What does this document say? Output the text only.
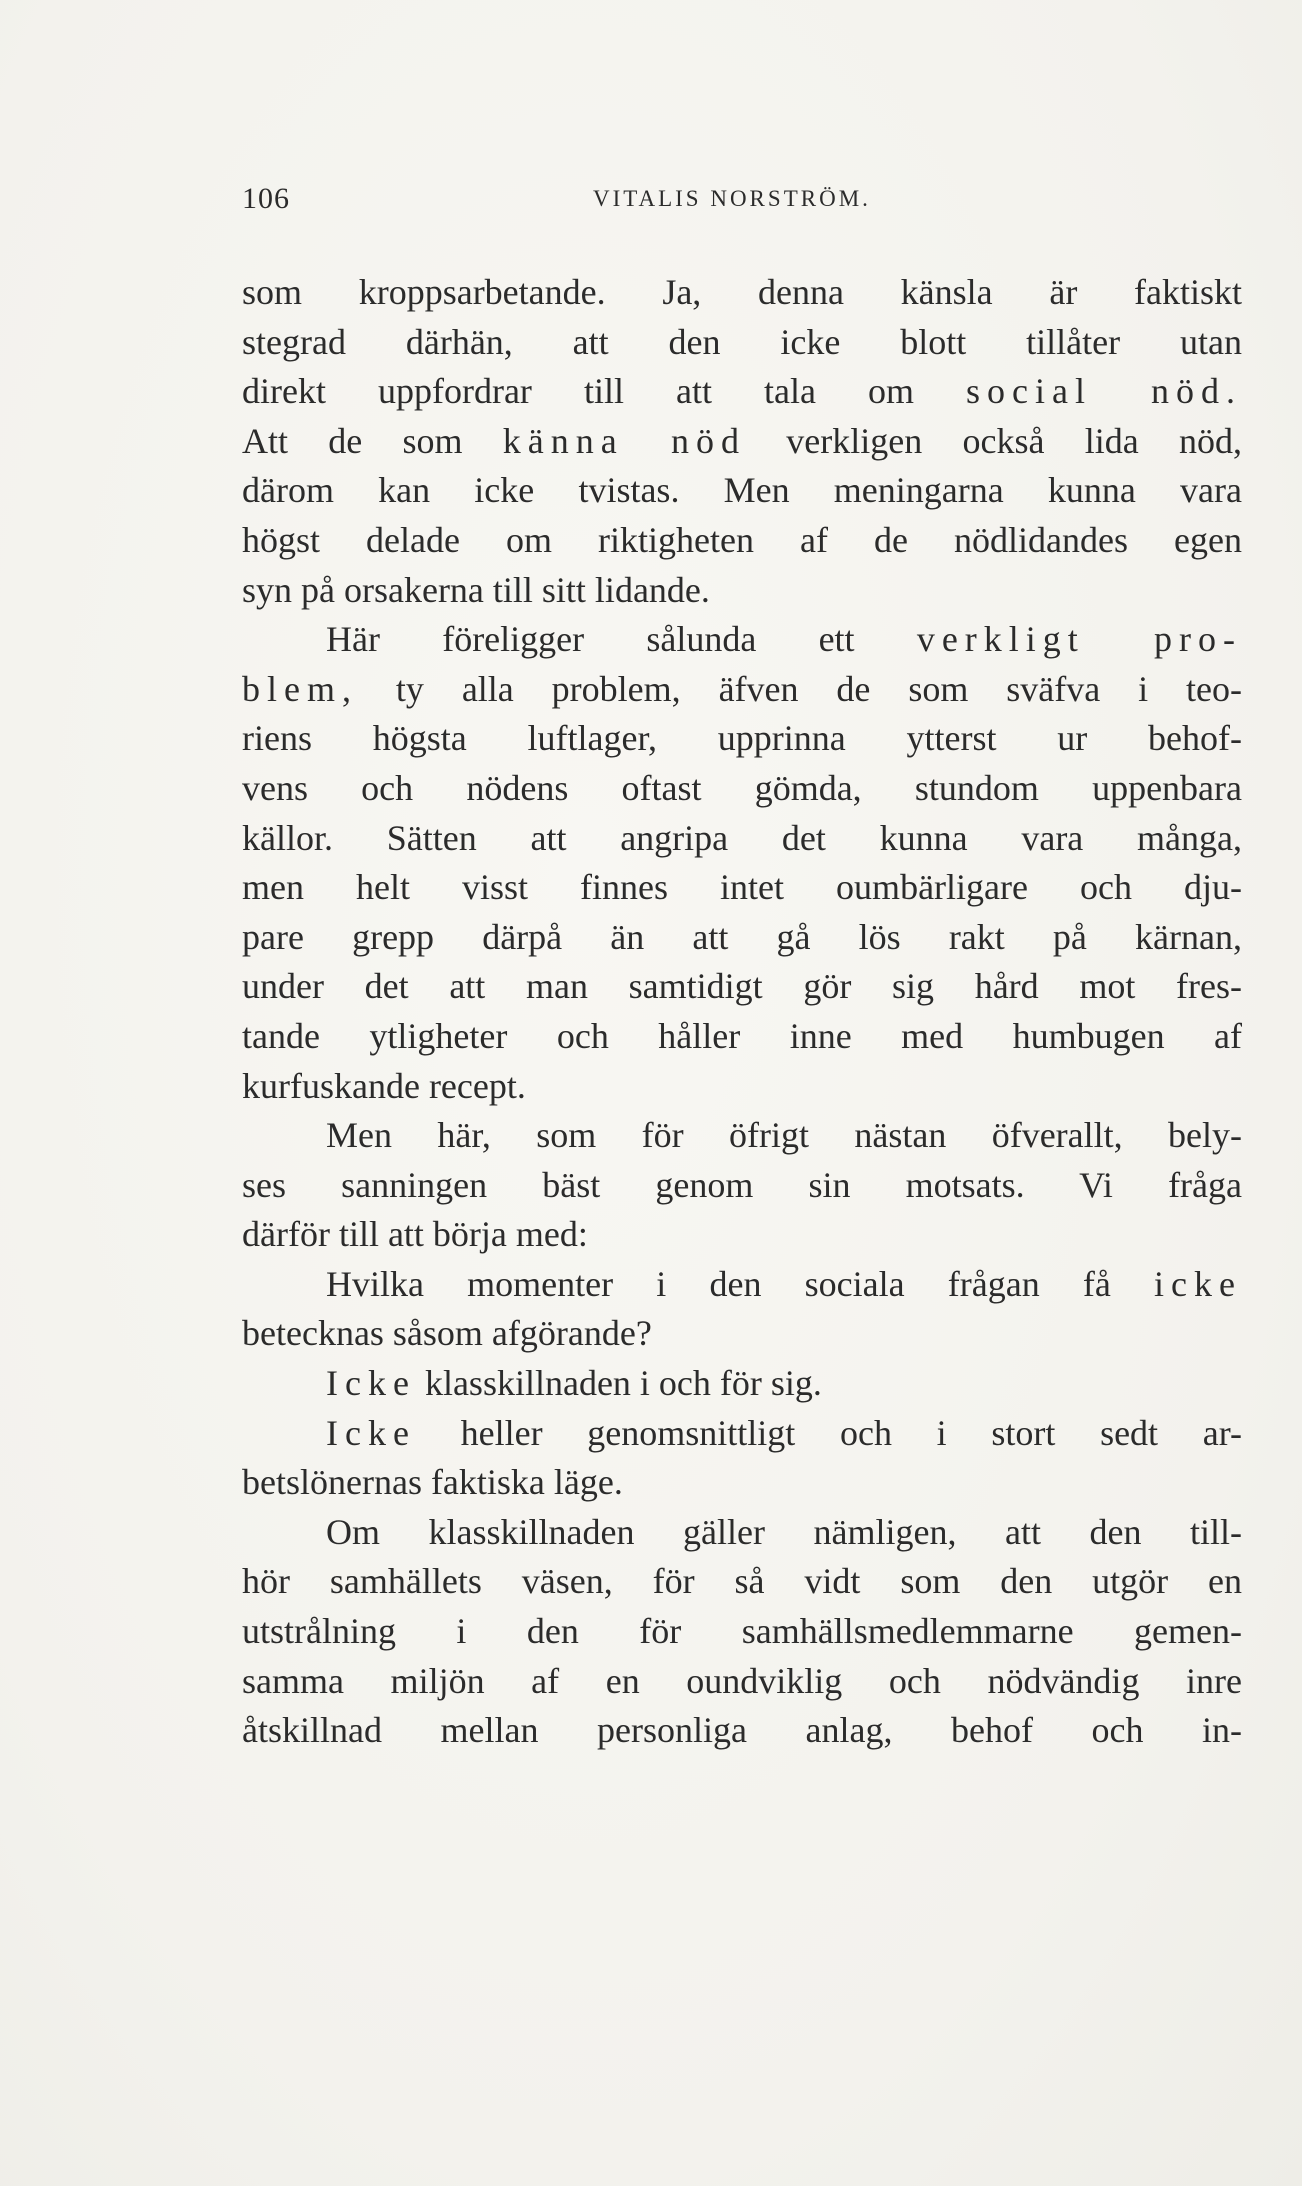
106	VITALIS NORSTRÖM.
som kroppsarbetande. Ja, denna känsla är faktiskt
stegrad därhän, att den icke blott tillåter utan
direkt uppfordrar till att tala om social nöd.
Att de som känna nöd verkligen också lida nöd,
därom kan icke tvistas. Men meningarna kunna vara
högst delade om riktigheten af de nödlidandes egen
syn på orsakerna till sitt lidande.
Här föreligger sålunda ett verkligt pro-
blem, ty alla problem, äfven de som sväfva i teo-
riens högsta luftlager, upprinna ytterst ur behof-
vens och nödens oftast gömda, stundom uppenbara
källor. Sätten att angripa det kunna vara många,
men helt visst finnes intet oumbärligare och dju-
pare grepp därpå än att gå lös rakt på kärnan,
under det att man samtidigt gör sig hård mot fres-
tande ytligheter och håller inne med humbugen af
kurfuskande recept.
Men här, som för öfrigt nästan öfverallt, bely-
ses sanningen bäst genom sin motsats. Vi fråga
därför till att börja med:
Hvilka momenter i den sociala frågan få icke
betecknas såsom afgörande?
Icke klasskillnaden i och för sig.
Icke heller genomsnittligt och i stort sedt ar-
betslönernas faktiska läge.
Om klasskillnaden gäller nämligen, att den till-
hör samhällets väsen, för så vidt som den utgör en
utstrålning i den för samhällsmedlemmarne gemen-
samma miljön af en oundviklig och nödvändig inre
åtskillnad mellan personliga anlag, behof och in-
